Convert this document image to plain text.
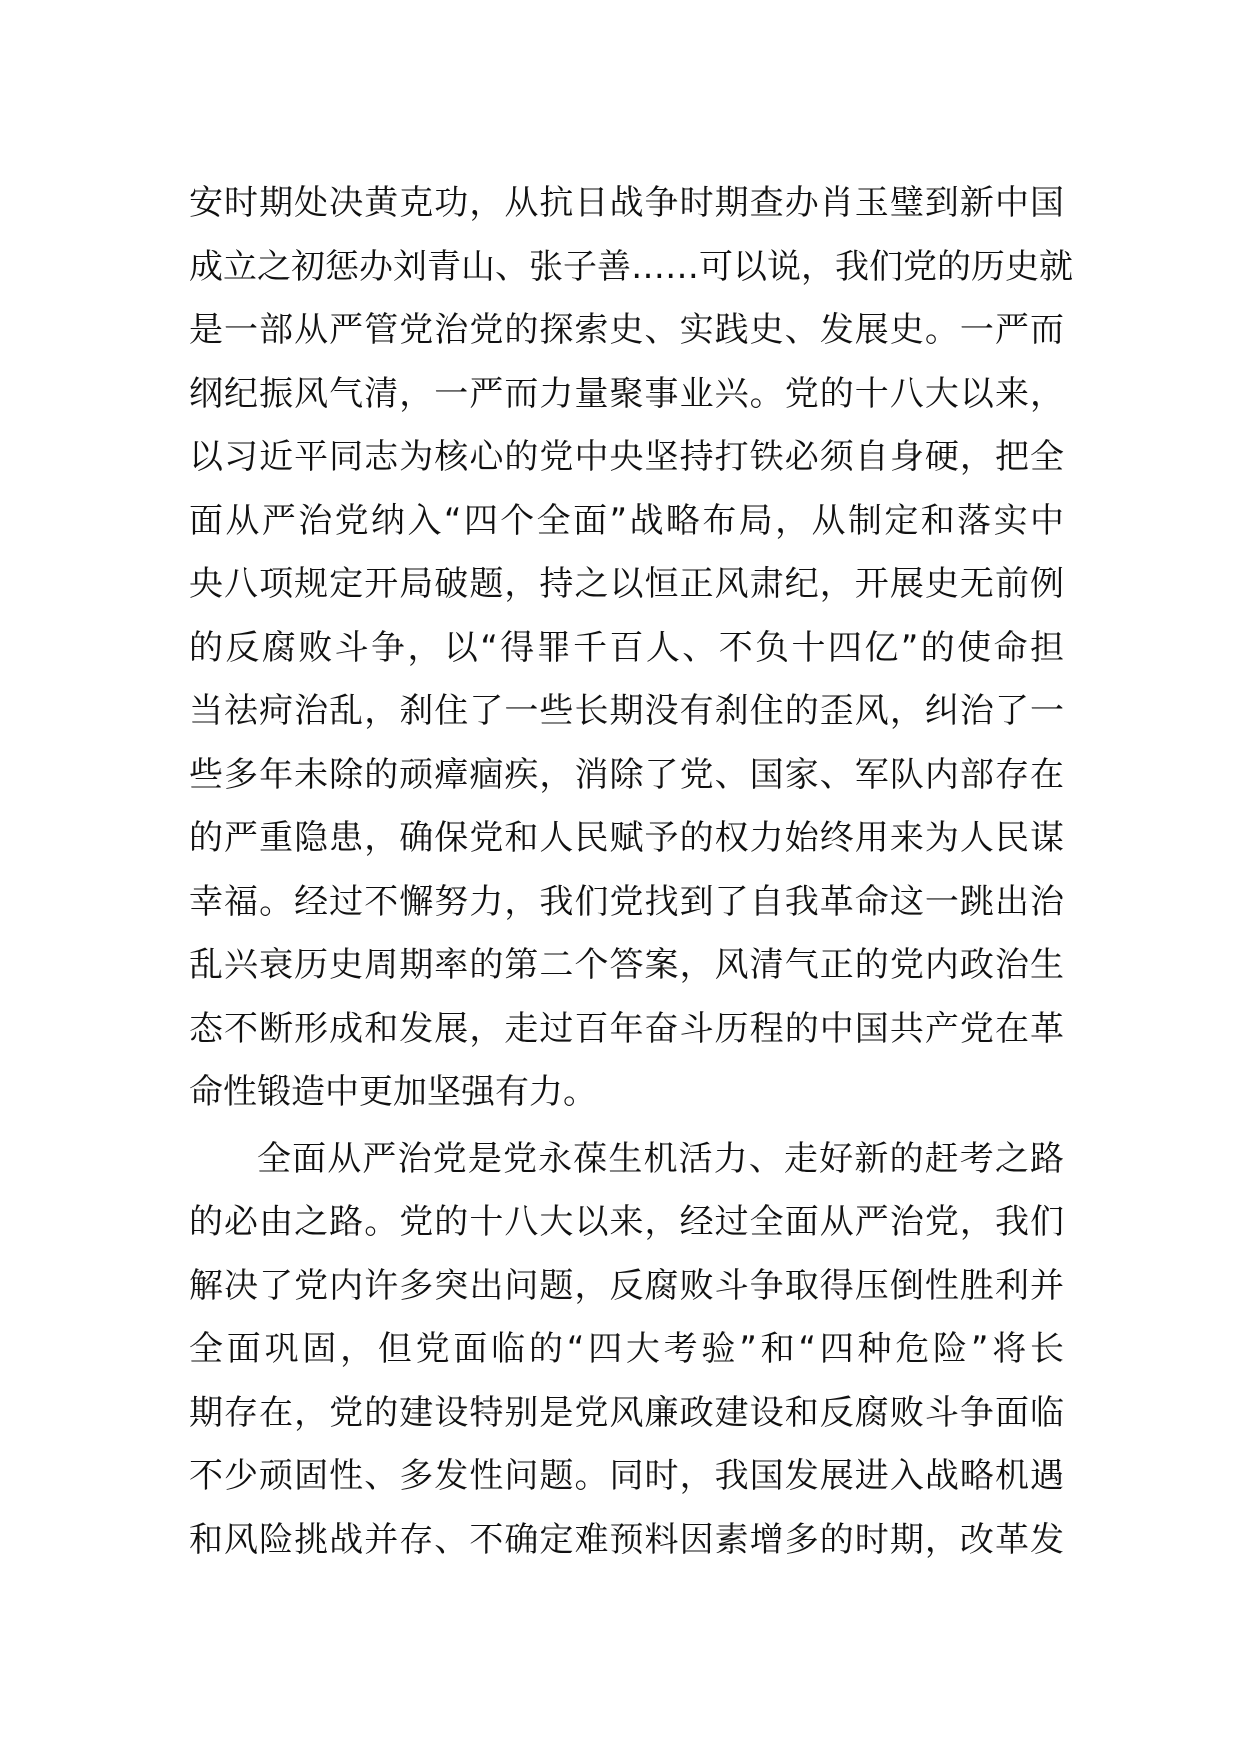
安时期处决黄克功，从抗日战争时期查办肖玉璧到新中国
成立之初惩办刘青山、张子善……可以说，我们党的历史就
是一部从严管党治党的探索史、实践史、发展史。一严而
纲纪振风气清，一严而力量聚事业兴。党的十八大以来，
以习近平同志为核心的党中央坚持打铁必须自身硬，把全
面从严治党纳入“四个全面”战略布局，从制定和落实中
央八项规定开局破题，持之以恒正风肃纪，开展史无前例
的反腐败斗争，以“得罪千百人、不负十四亿”的使命担
当祛疴治乱，刹住了一些长期没有刹住的歪风，纠治了一
些多年未除的顽瘴痼疾，消除了党、国家、军队内部存在
的严重隐患，确保党和人民赋予的权力始终用来为人民谋
幸福。经过不懈努力，我们党找到了自我革命这一跳出治
乱兴衰历史周期率的第二个答案，风清气正的党内政治生
态不断形成和发展，走过百年奋斗历程的中国共产党在革
命性锻造中更加坚强有力。
全面从严治党是党永葆生机活力、走好新的赶考之路
的必由之路。党的十八大以来，经过全面从严治党，我们
解决了党内许多突出问题，反腐败斗争取得压倒性胜利并
全面巩固，但党面临的“四大考验”和“四种危险”将长
期存在，党的建设特别是党风廉政建设和反腐败斗争面临
不少顽固性、多发性问题。同时，我国发展进入战略机遇
和风险挑战并存、不确定难预料因素增多的时期，改革发
